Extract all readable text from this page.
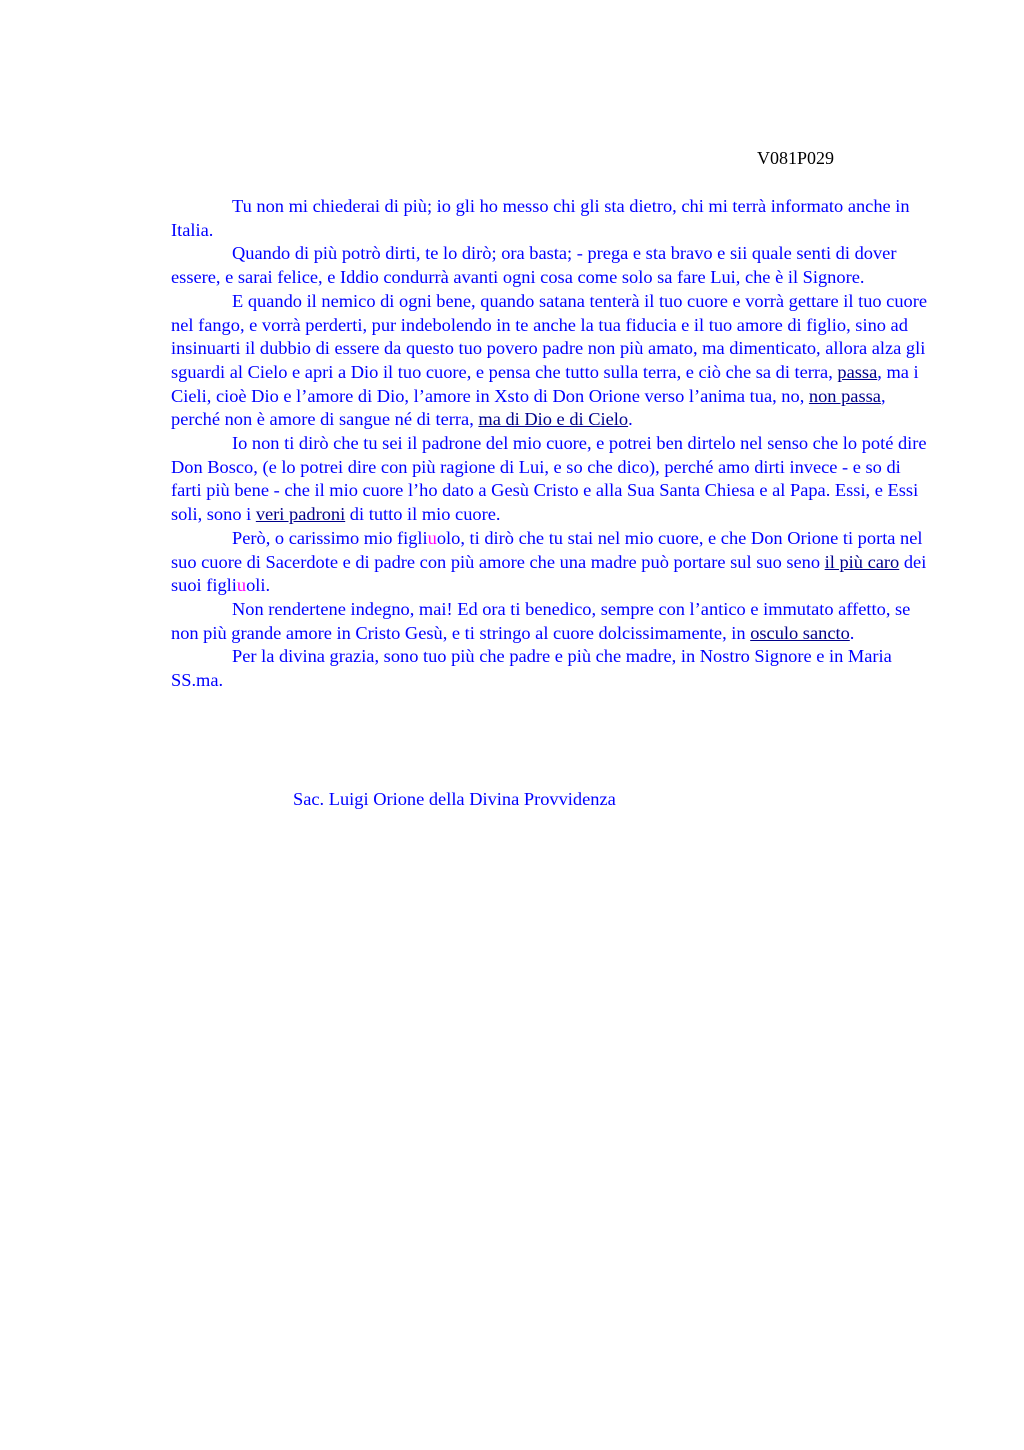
V081P029

Tu non mi chiederai di più; io gli ho messo chi gli sta dietro, chi mi terrà informato anche in Italia.

Quando di più potrò dirti, te lo dirò; ora basta; - prega e sta bravo e sii quale senti di dover essere, e sarai felice, e Iddio condurrà avanti ogni cosa come solo sa fare Lui, che è il Signore.

E quando il nemico di ogni bene, quando satana tenterà il tuo cuore e vorrà gettare il tuo cuore nel fango, e vorrà perderti, pur indebolendo in te anche la tua fiducia e il tuo amore di figlio, sino ad insinuarti il dubbio di essere da questo tuo povero padre non più amato, ma dimenticato, allora alza gli sguardi al Cielo e apri a Dio il tuo cuore, e pensa che tutto sulla terra, e ciò che sa di terra, passa, ma i Cieli, cioè Dio e l’amore di Dio, l’amore in Xsto di Don Orione verso l’anima tua, no, non passa, perché non è amore di sangue né di terra, ma di Dio e di Cielo.

Io non ti dirò che tu sei il padrone del mio cuore, e potrei ben dirtelo nel senso che lo poté dire Don Bosco, (e lo potrei dire con più ragione di Lui, e so che dico), perché amo dirti invece - e so di farti più bene - che il mio cuore l’ho dato a Gesù Cristo e alla Sua Santa Chiesa e al Papa. Essi, e Essi soli, sono i veri padroni di tutto il mio cuore.

Però, o carissimo mio figliuolo, ti dirò che tu stai nel mio cuore, e che Don Orione ti porta nel suo cuore di Sacerdote e di padre con più amore che una madre può portare sul suo seno il più caro dei suoi figliuoli.

Non rendertene indegno, mai! Ed ora ti benedico, sempre con l’antico e immutato affetto, se non più grande amore in Cristo Gesù, e ti stringo al cuore dolcissimamente, in osculo sancto.

Per la divina grazia, sono tuo più che padre e più che madre, in Nostro Signore e in Maria SS.ma.

Sac. Luigi Orione della Divina Provvidenza
